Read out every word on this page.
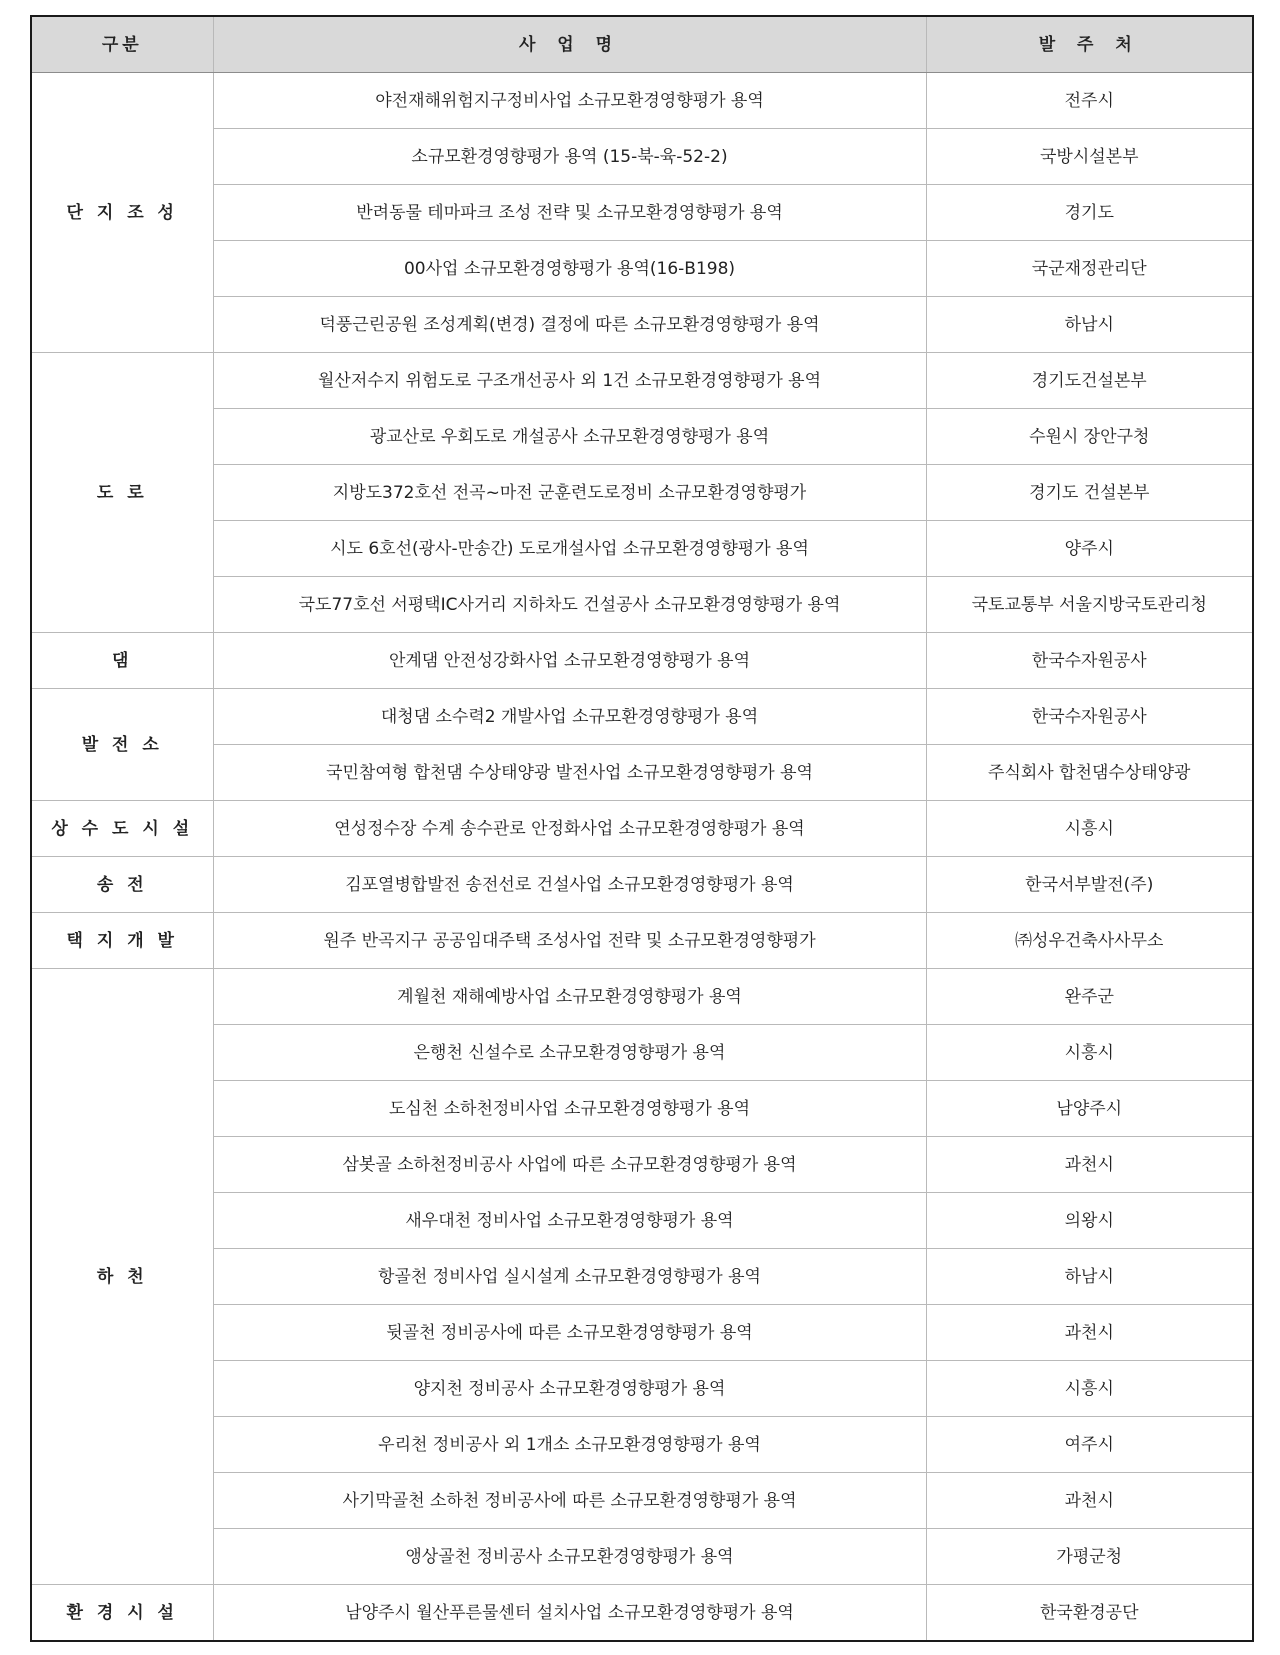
구분	사 업 명	발 주 처
단 지 조 성	야전재해위험지구정비사업 소규모환경영향평가 용역	전주시
	소규모환경영향평가 용역 (15-북-육-52-2)	국방시설본부
	반려동물 테마파크 조성 전략 및 소규모환경영향평가 용역	경기도
	00사업 소규모환경영향평가 용역(16-B198)	국군재정관리단
	덕풍근린공원 조성계획(변경) 결정에 따른 소규모환경영향평가 용역	하남시
도 로	월산저수지 위험도로 구조개선공사 외 1건 소규모환경영향평가 용역	경기도건설본부
	광교산로 우회도로 개설공사 소규모환경영향평가 용역	수원시 장안구청
	지방도372호선 전곡~마전 군훈련도로정비 소규모환경영향평가	경기도 건설본부
	시도 6호선(광사-만송간) 도로개설사업 소규모환경영향평가 용역	양주시
	국도77호선 서평택IC사거리 지하차도 건설공사 소규모환경영향평가 용역	국토교통부 서울지방국토관리청
댐	안계댐 안전성강화사업 소규모환경영향평가 용역	한국수자원공사
발 전 소	대청댐 소수력2 개발사업 소규모환경영향평가 용역	한국수자원공사
	국민참여형 합천댐 수상태양광 발전사업 소규모환경영향평가 용역	주식회사 합천댐수상태양광
상 수 도 시 설	연성정수장 수계 송수관로 안정화사업 소규모환경영향평가 용역	시흥시
송 전	김포열병합발전 송전선로 건설사업 소규모환경영향평가 용역	한국서부발전(주)
택 지 개 발	원주 반곡지구 공공임대주택 조성사업 전략 및 소규모환경영향평가	㈜성우건축사사무소
하 천	계월천 재해예방사업 소규모환경영향평가 용역	완주군
	은행천 신설수로 소규모환경영향평가 용역	시흥시
	도심천 소하천정비사업 소규모환경영향평가 용역	남양주시
	삼봇골 소하천정비공사 사업에 따른 소규모환경영향평가 용역	과천시
	새우대천 정비사업 소규모환경영향평가 용역	의왕시
	항골천 정비사업 실시설계 소규모환경영향평가 용역	하남시
	뒷골천 정비공사에 따른 소규모환경영향평가 용역	과천시
	양지천 정비공사 소규모환경영향평가 용역	시흥시
	우리천 정비공사 외 1개소 소규모환경영향평가 용역	여주시
	사기막골천 소하천 정비공사에 따른 소규모환경영향평가 용역	과천시
	앵상골천 정비공사 소규모환경영향평가 용역	가평군청
환 경 시 설	남양주시 월산푸른물센터 설치사업 소규모환경영향평가 용역	한국환경공단
